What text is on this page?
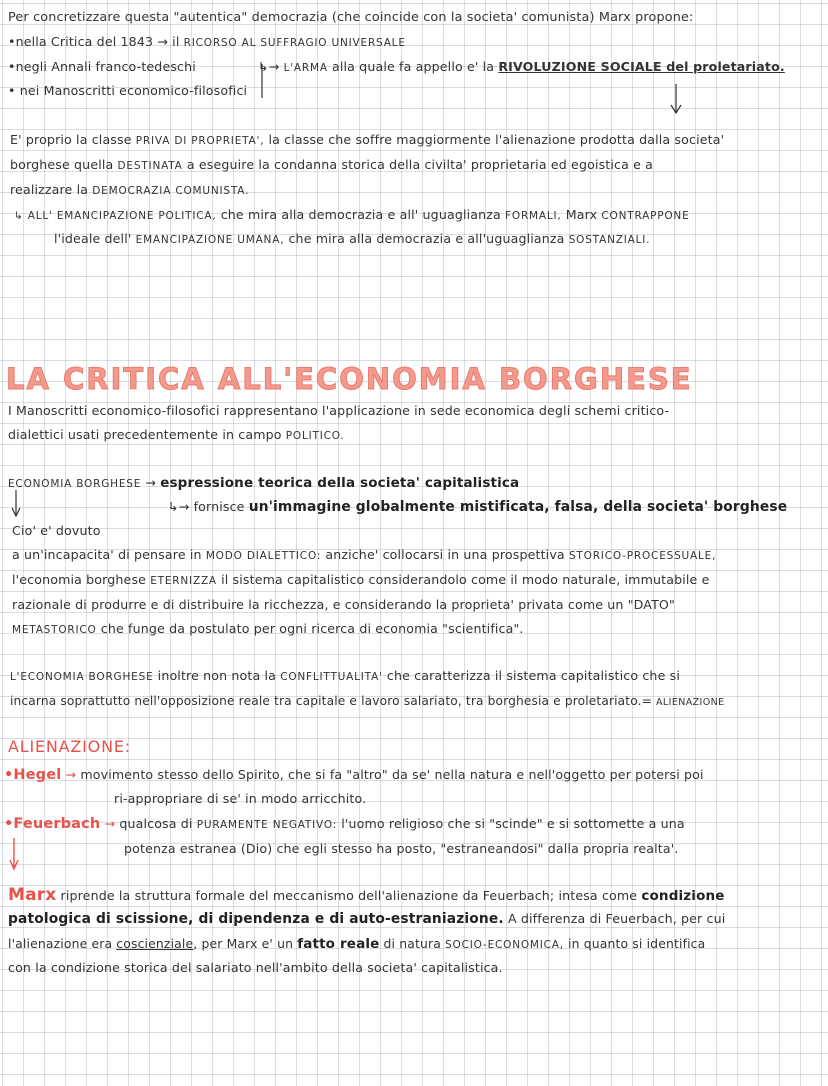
Per concretizzare questa "autentica" democrazia (che coincide con la societa' comunista) Marx propone:
•nella Critica del 1843 → il RICORSO AL SUFFRAGIO UNIVERSALE
•negli Annali franco-tedeschi	↳→ L'ARMA alla quale fa appello e' la RIVOLUZIONE SOCIALE del proletariato.
• nei Manoscritti economico-filosofici
E' proprio la classe PRIVA DI PROPRIETA', la classe che soffre maggiormente l'alienazione prodotta dalla societa'
borghese quella DESTINATA a eseguire la condanna storica della civilta' proprietaria ed egoistica e a
realizzare la DEMOCRAZIA COMUNISTA.
↳ ALL' EMANCIPAZIONE POLITICA, che mira alla democrazia e all' uguaglianza FORMALI, Marx CONTRAPPONE
l'ideale dell' EMANCIPAZIONE UMANA, che mira alla democrazia e all'uguaglianza SOSTANZIALI.
LA CRITICA ALL'ECONOMIA BORGHESE
I Manoscritti economico-filosofici rappresentano l'applicazione in sede economica degli schemi critico-
dialettici usati precedentemente in campo POLITICO.
ECONOMIA BORGHESE → espressione teorica della societa' capitalistica
↳→ fornisce un'immagine globalmente mistificata, falsa, della societa' borghese
Cio' e' dovuto
a un'incapacita' di pensare in MODO DIALETTICO: anziche' collocarsi in una prospettiva STORICO-PROCESSUALE,
l'economia borghese ETERNIZZA il sistema capitalistico considerandolo come il modo naturale, immutabile e
razionale di produrre e di distribuire la ricchezza, e considerando la proprieta' privata come un "DATO"
METASTORICO che funge da postulato per ogni ricerca di economia "scientifica".
L'ECONOMIA BORGHESE inoltre non nota la CONFLITTUALITA' che caratterizza il sistema capitalistico che si
incarna soprattutto nell'opposizione reale tra capitale e lavoro salariato, tra borghesia e proletariato.= ALIENAZIONE
ALIENAZIONE:
•Hegel → movimento stesso dello Spirito, che si fa "altro" da se' nella natura e nell'oggetto per potersi poi
ri-appropriare di se' in modo arricchito.
•Feuerbach → qualcosa di PURAMENTE NEGATIVO: l'uomo religioso che si "scinde" e si sottomette a una
potenza estranea (Dio) che egli stesso ha posto, "estraneandosi" dalla propria realta'.
Marx riprende la struttura formale del meccanismo dell'alienazione da Feuerbach; intesa come condizione
patologica di scissione, di dipendenza e di auto-estraniazione. A differenza di Feuerbach, per cui
l'alienazione era coscienziale, per Marx e' un fatto reale di natura SOCIO-ECONOMICA, in quanto si identifica
con la condizione storica del salariato nell'ambito della societa' capitalistica.
